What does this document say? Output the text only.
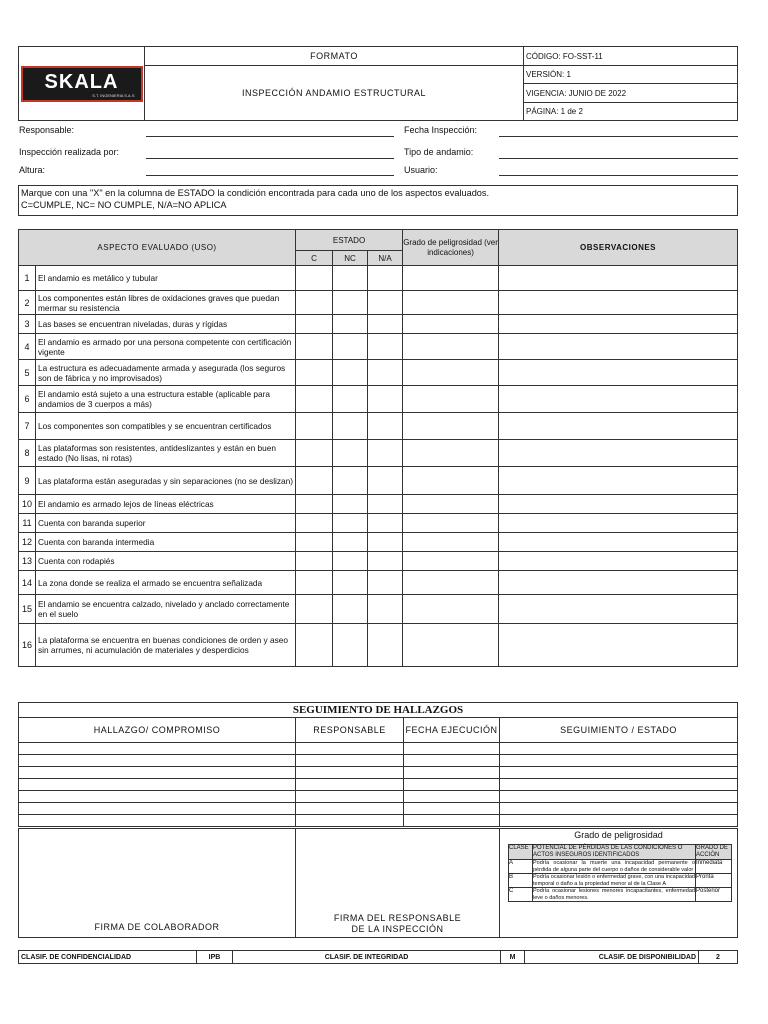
SKALA
S.T. INGENIERIA S.A.S	FORMATO	CÓDIGO: FO-SST-11
	INSPECCIÓN ANDAMIO ESTRUCTURAL	VERSIÓN: 1
		VIGENCIA: JUNIO DE 2022
		PÁGINA: 1 de 2
Responsable:	Fecha Inspección:
Inspección realizada por:	Tipo de andamio:
Altura:	Usuario:
Marque con una "X" en la columna de ESTADO la condición encontrada para cada uno de los aspectos evaluados.
C=CUMPLE, NC= NO CUMPLE, N/A=NO APLICA
ASPECTO EVALUADO (USO)		ESTADO			Grado de peligrosidad (ver indicaciones)	OBSERVACIONES
		C	NC	N/A		
1	El andamio es metálico y tubular					
2	Los componentes están libres de oxidaciones graves que puedan mermar su resistencia					
3	Las bases se encuentran niveladas, duras y rígidas					
4	El andamio es armado por una persona competente con certificación vigente					
5	La estructura es adecuadamente armada y asegurada (los seguros son de fábrica y no improvisados)					
6	El andamio está sujeto a una estructura estable (aplicable para andamios de 3 cuerpos a más)					
7	Los componentes son compatibles y se encuentran certificados					
8	Las plataformas son resistentes, antideslizantes y están en buen estado (No lisas, ni rotas)					
9	Las plataforma están aseguradas y sin separaciones (no se deslizan)					
10	El andamio es armado lejos de líneas eléctricas					
11	Cuenta con baranda superior					
12	Cuenta con baranda intermedia					
13	Cuenta con rodapiés					
14	La zona donde se realiza el armado se encuentra señalizada					
15	El andamio se encuentra calzado, nivelado y anclado correctamente en el suelo					
16	La plataforma se encuentra en buenas condiciones de orden y aseo sin arrumes, ni acumulación de materiales y desperdicios					
SEGUIMIENTO DE HALLAZGOS			
HALLAZGO/ COMPROMISO	RESPONSABLE	FECHA EJECUCIÓN	SEGUIMIENTO / ESTADO

FIRMA DE COLABORADOR	
FIRMA DEL RESPONSABLE
DE LA INSPECCIÓN

Grado de peligrosidad
CLASE	POTENCIAL DE PÉRDIDAS DE LAS CONDICIONES O ACTOS INSEGUROS IDENTIFICADOS	GRADO DE ACCIÓN
A	Podría ocasionar la muerte una incapacidad permanente o pérdida de alguna parte del cuerpo o daños de considerable valor	Inmediata
B	Podría ocasionar lesión o enfermedad grave, con una incapacidad temporal o daño a la propiedad menor al de la Clase A	Pronta
C	Podría ocasionar lesiones menores incapacitantes, enfermedad leve o daños menores.	Posterior
CLASIF. DE CONFIDENCIALIDAD	IPB	CLASIF. DE INTEGRIDAD	M	CLASIF. DE DISPONIBILIDAD	2
